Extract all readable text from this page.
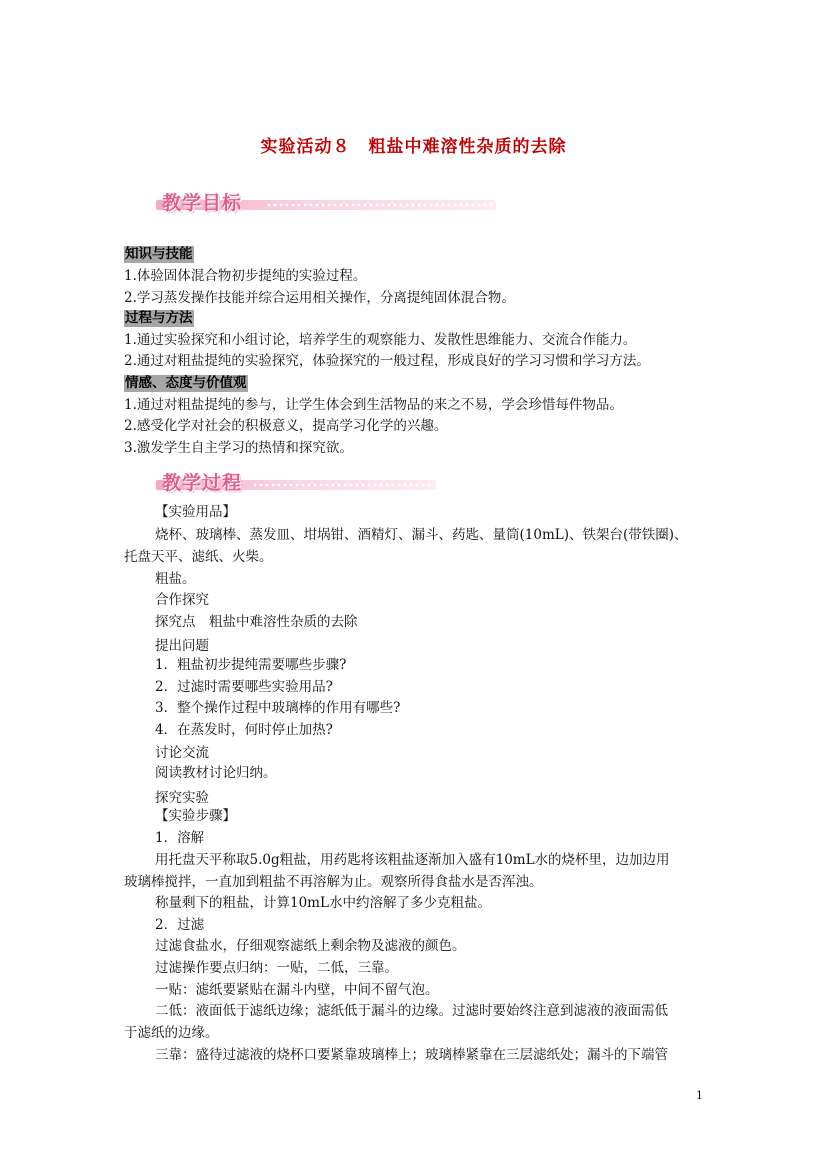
实验活动８　粗盐中难溶性杂质的去除
教学目标
知识与技能
1.体验固体混合物初步提纯的实验过程。
2.学习蒸发操作技能并综合运用相关操作，分离提纯固体混合物。
过程与方法
1.通过实验探究和小组讨论，培养学生的观察能力、发散性思维能力、交流合作能力。
2.通过对粗盐提纯的实验探究，体验探究的一般过程，形成良好的学习习惯和学习方法。
情感、态度与价值观
1.通过对粗盐提纯的参与，让学生体会到生活物品的来之不易，学会珍惜每件物品。
2.感受化学对社会的积极意义，提高学习化学的兴趣。
3.激发学生自主学习的热情和探究欲。
教学过程
【实验用品】
烧杯、玻璃棒、蒸发皿、坩埚钳、酒精灯、漏斗、药匙、量筒(10mL)、铁架台(带铁圈)、
托盘天平、滤纸、火柴。
粗盐。
合作探究
探究点　粗盐中难溶性杂质的去除
提出问题
1．粗盐初步提纯需要哪些步骤?
2．过滤时需要哪些实验用品?
3．整个操作过程中玻璃棒的作用有哪些?
4．在蒸发时，何时停止加热?
讨论交流
阅读教材讨论归纳。
探究实验
【实验步骤】
1．溶解
用托盘天平称取5.0g粗盐，用药匙将该粗盐逐渐加入盛有10mL水的烧杯里，边加边用
玻璃棒搅拌，一直加到粗盐不再溶解为止。观察所得食盐水是否浑浊。
称量剩下的粗盐，计算10mL水中约溶解了多少克粗盐。
2．过滤
过滤食盐水，仔细观察滤纸上剩余物及滤液的颜色。
过滤操作要点归纳：一贴，二低，三靠。
一贴：滤纸要紧贴在漏斗内壁，中间不留气泡。
二低：液面低于滤纸边缘；滤纸低于漏斗的边缘。过滤时要始终注意到滤液的液面需低
于滤纸的边缘。
三靠：盛待过滤液的烧杯口要紧靠玻璃棒上；玻璃棒紧靠在三层滤纸处；漏斗的下端管
1
